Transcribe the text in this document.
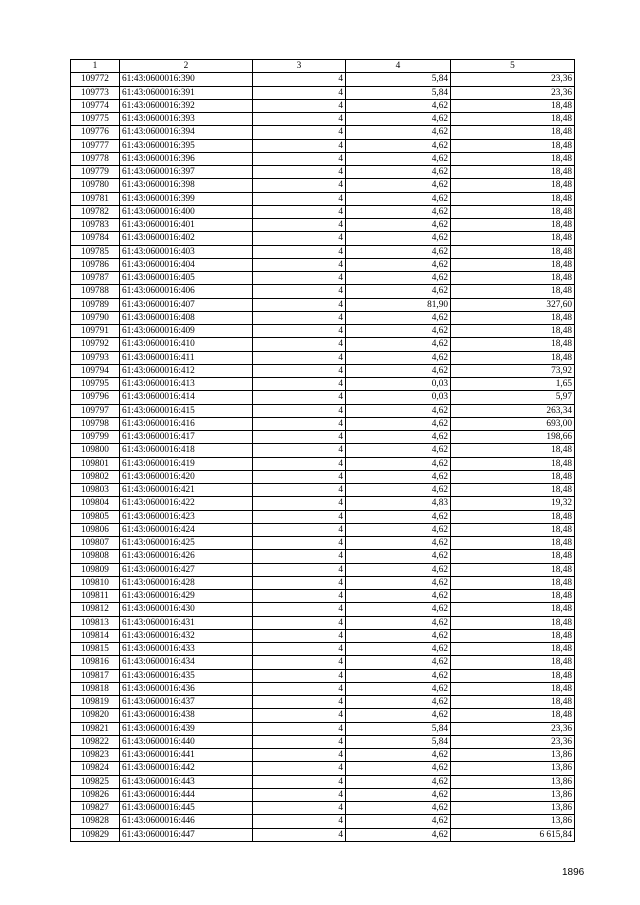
1	2	3	4	5
109772	61:43:0600016:390	4	5,84	23,36
109773	61:43:0600016:391	4	5,84	23,36
109774	61:43:0600016:392	4	4,62	18,48
109775	61:43:0600016:393	4	4,62	18,48
109776	61:43:0600016:394	4	4,62	18,48
109777	61:43:0600016:395	4	4,62	18,48
109778	61:43:0600016:396	4	4,62	18,48
109779	61:43:0600016:397	4	4,62	18,48
109780	61:43:0600016:398	4	4,62	18,48
109781	61:43:0600016:399	4	4,62	18,48
109782	61:43:0600016:400	4	4,62	18,48
109783	61:43:0600016:401	4	4,62	18,48
109784	61:43:0600016:402	4	4,62	18,48
109785	61:43:0600016:403	4	4,62	18,48
109786	61:43:0600016:404	4	4,62	18,48
109787	61:43:0600016:405	4	4,62	18,48
109788	61:43:0600016:406	4	4,62	18,48
109789	61:43:0600016:407	4	81,90	327,60
109790	61:43:0600016:408	4	4,62	18,48
109791	61:43:0600016:409	4	4,62	18,48
109792	61:43:0600016:410	4	4,62	18,48
109793	61:43:0600016:411	4	4,62	18,48
109794	61:43:0600016:412	4	4,62	73,92
109795	61:43:0600016:413	4	0,03	1,65
109796	61:43:0600016:414	4	0,03	5,97
109797	61:43:0600016:415	4	4,62	263,34
109798	61:43:0600016:416	4	4,62	693,00
109799	61:43:0600016:417	4	4,62	198,66
109800	61:43:0600016:418	4	4,62	18,48
109801	61:43:0600016:419	4	4,62	18,48
109802	61:43:0600016:420	4	4,62	18,48
109803	61:43:0600016:421	4	4,62	18,48
109804	61:43:0600016:422	4	4,83	19,32
109805	61:43:0600016:423	4	4,62	18,48
109806	61:43:0600016:424	4	4,62	18,48
109807	61:43:0600016:425	4	4,62	18,48
109808	61:43:0600016:426	4	4,62	18,48
109809	61:43:0600016:427	4	4,62	18,48
109810	61:43:0600016:428	4	4,62	18,48
109811	61:43:0600016:429	4	4,62	18,48
109812	61:43:0600016:430	4	4,62	18,48
109813	61:43:0600016:431	4	4,62	18,48
109814	61:43:0600016:432	4	4,62	18,48
109815	61:43:0600016:433	4	4,62	18,48
109816	61:43:0600016:434	4	4,62	18,48
109817	61:43:0600016:435	4	4,62	18,48
109818	61:43:0600016:436	4	4,62	18,48
109819	61:43:0600016:437	4	4,62	18,48
109820	61:43:0600016:438	4	4,62	18,48
109821	61:43:0600016:439	4	5,84	23,36
109822	61:43:0600016:440	4	5,84	23,36
109823	61:43:0600016:441	4	4,62	13,86
109824	61:43:0600016:442	4	4,62	13,86
109825	61:43:0600016:443	4	4,62	13,86
109826	61:43:0600016:444	4	4,62	13,86
109827	61:43:0600016:445	4	4,62	13,86
109828	61:43:0600016:446	4	4,62	13,86
109829	61:43:0600016:447	4	4,62	6 615,84
1896
